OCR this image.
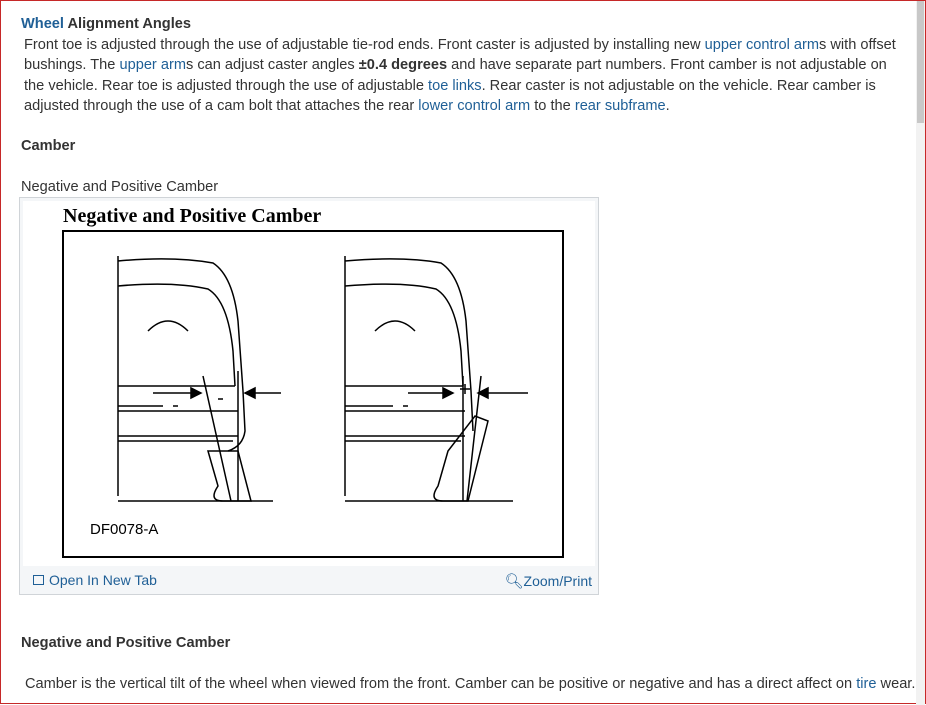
Wheel Alignment Angles

Front toe is adjusted through the use of adjustable tie-rod ends. Front caster is adjusted by installing new upper control arms with offset bushings. The upper arms can adjust caster angles ±0.4 degrees and have separate part numbers. Front camber is not adjustable on the vehicle. Rear toe is adjusted through the use of adjustable toe links. Rear caster is not adjustable on the vehicle. Rear camber is adjusted through the use of a cam bolt that attaches the rear lower control arm to the rear subframe.

Camber
Negative and Positive Camber
Negative and Positive Camber
DF0078-A
Open In New Tab	🔍︎Zoom/Print
Negative and Positive Camber
Camber is the vertical tilt of the wheel when viewed from the front. Camber can be positive or negative and has a direct affect on tire wear.
